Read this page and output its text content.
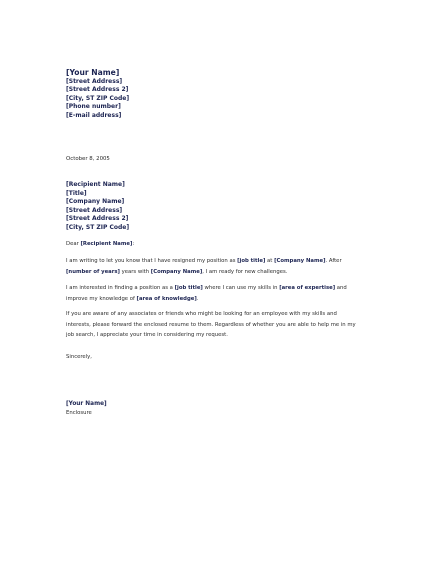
[Your Name]
[Street Address]
[Street Address 2]
[City, ST ZIP Code]
[Phone number]
[E-mail address]
October 8, 2005
[Recipient Name]
[Title]
[Company Name]
[Street Address]
[Street Address 2]
[City, ST ZIP Code]
Dear [Recipient Name]:
I am writing to let you know that I have resigned my position as [job title] at [Company Name]. After
[number of years] years with [Company Name], I am ready for new challenges.
I am interested in finding a position as a [job title] where I can use my skills in [area of expertise] and
improve my knowledge of [area of knowledge].
If you are aware of any associates or friends who might be looking for an employee with my skills and
interests, please forward the enclosed resume to them. Regardless of whether you are able to help me in my
job search, I appreciate your time in considering my request.
Sincerely,
[Your Name]
Enclosure
